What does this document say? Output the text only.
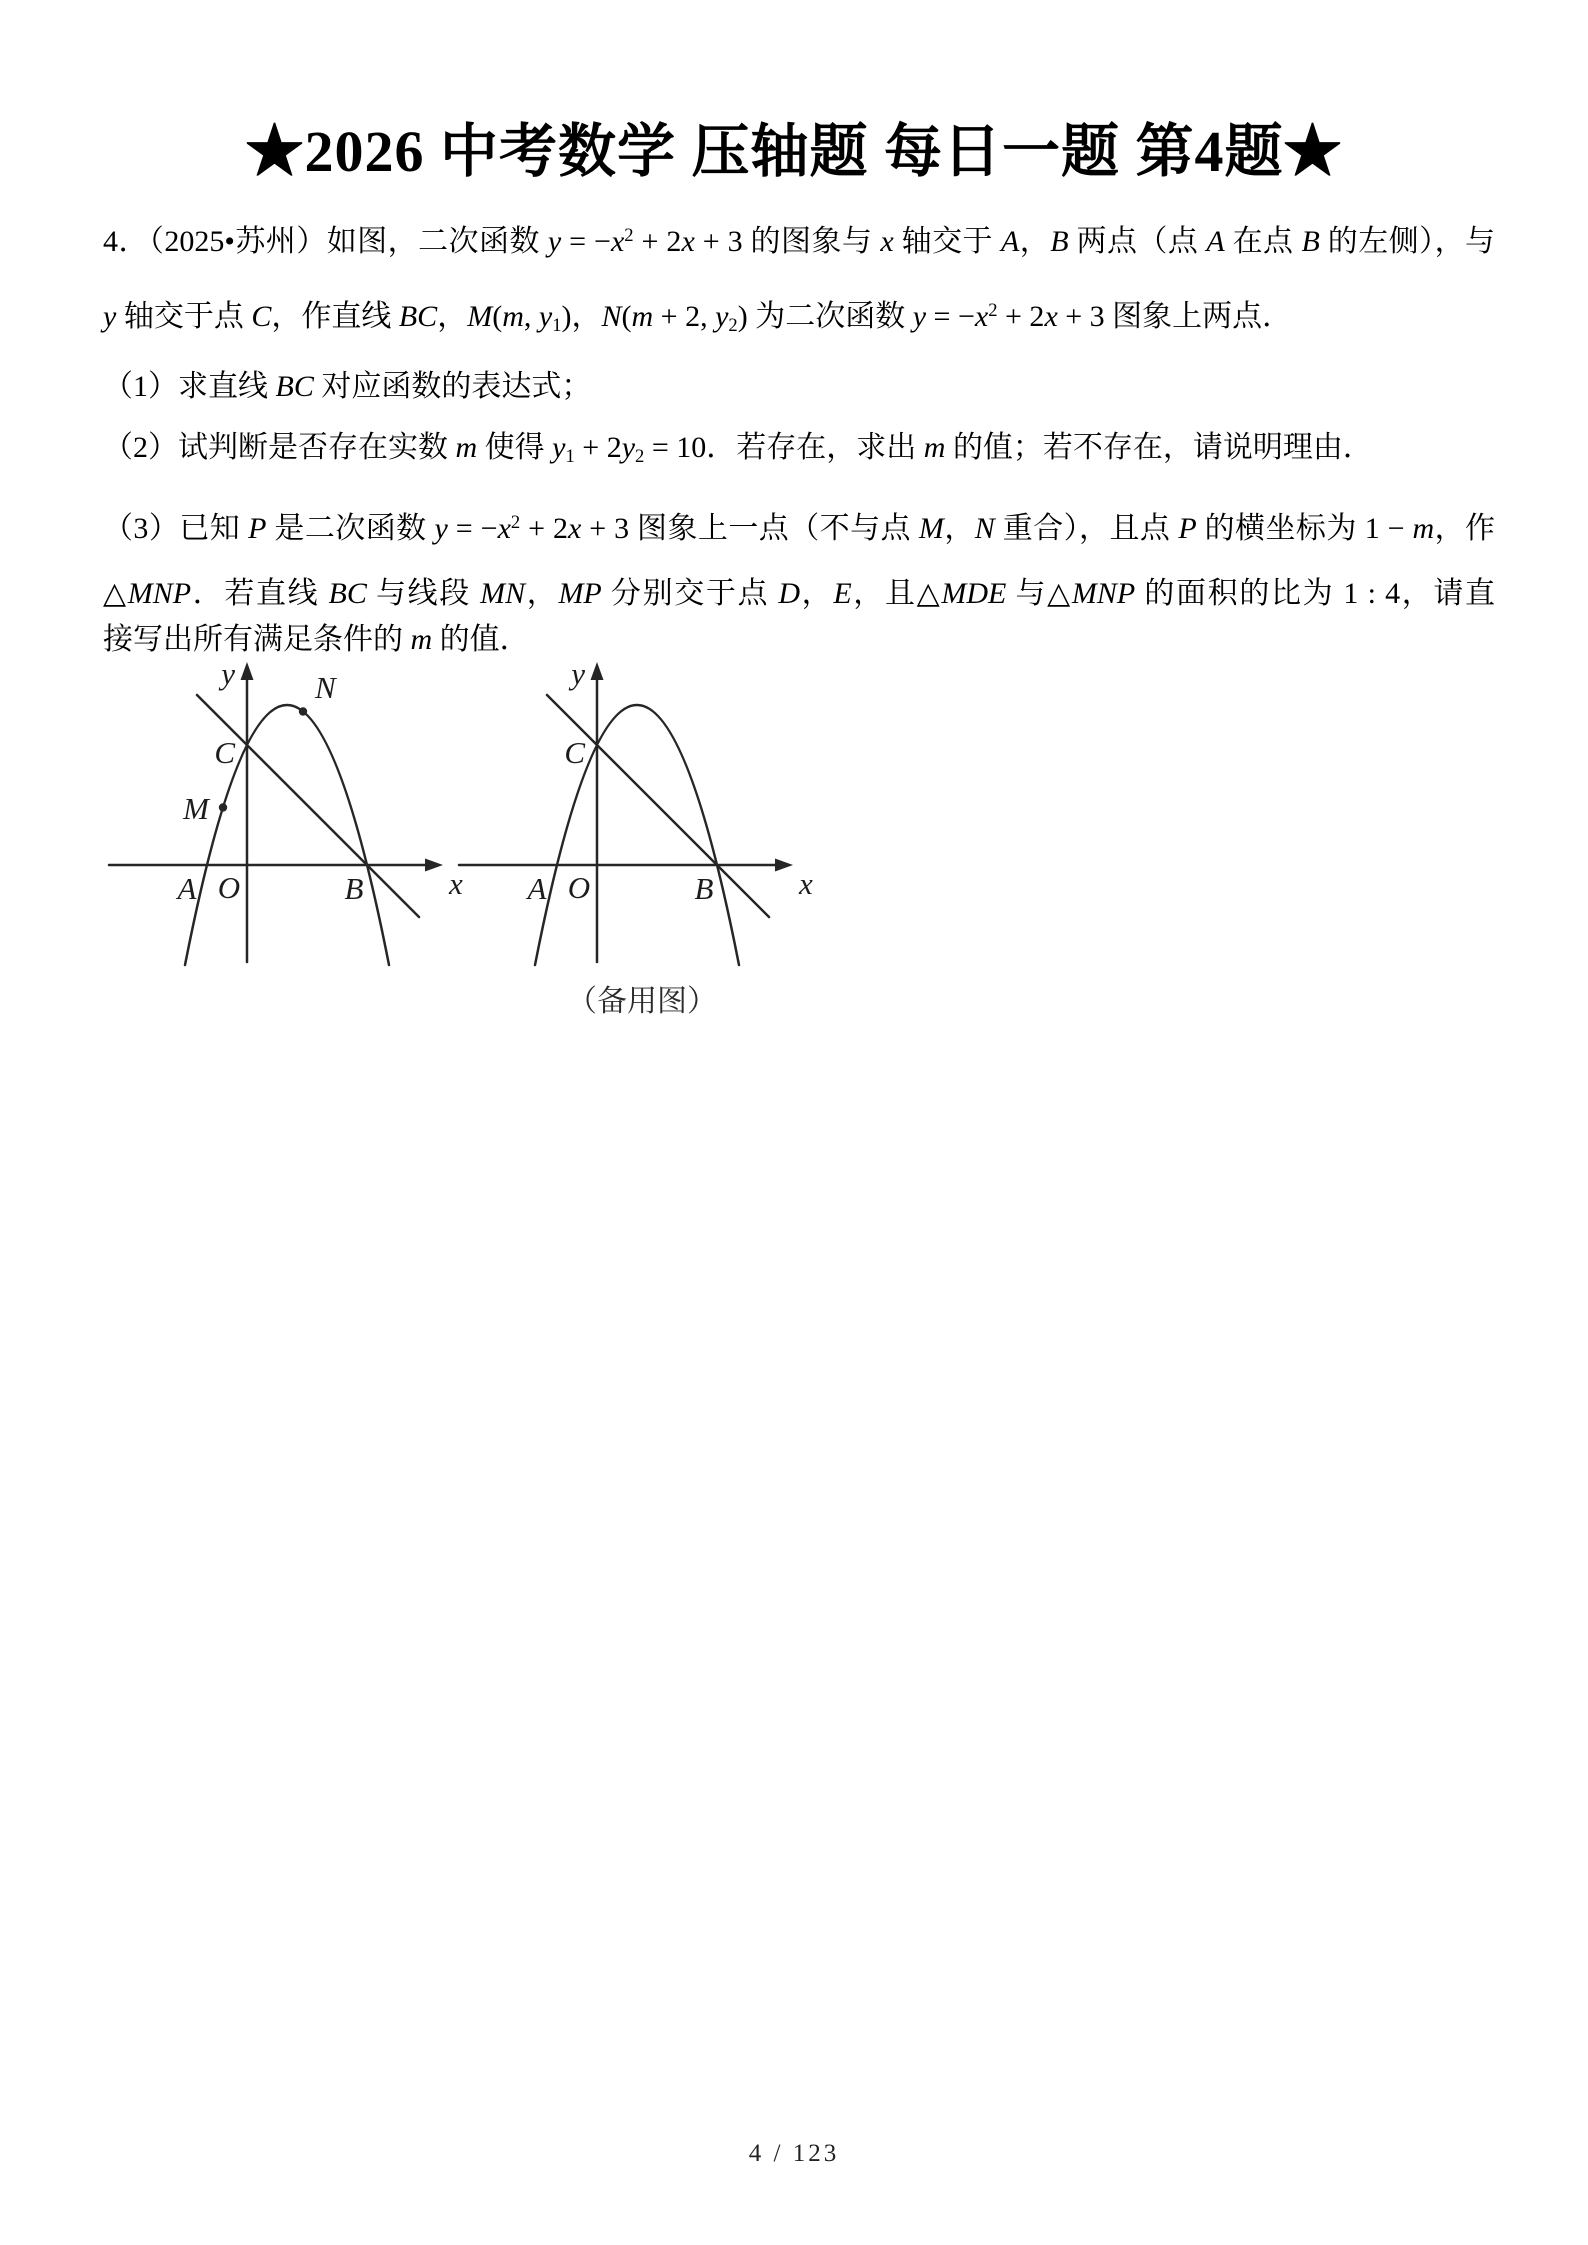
★2026 中考数学 压轴题 每日一题 第4题★
4．（2025•苏州）如图，二次函数 $y = -x^2 + 2x + 3$ 的图象与 x 轴交于 A，B 两点（点 A 在点 B 的左侧），与
y 轴交于点 C，作直线 BC，M(m, $y_1$)，N(m + 2, $y_2$) 为二次函数 $y = -x^2 + 2x + 3$ 图象上两点．
（1）求直线 BC 对应函数的表达式；
（2）试判断是否存在实数 m 使得 $y_1 + 2y_2 = 10$．若存在，求出 m 的值；若不存在，请说明理由．
（3）已知 P 是二次函数 $y = -x^2 + 2x + 3$ 图象上一点（不与点 M，N 重合），且点 P 的横坐标为 1 − m，作
△MNP．若直线 BC 与线段 MN，MP 分别交于点 D，E，且△MDE 与△MNP 的面积的比为 1 : 4，请直
接写出所有满足条件的 m 的值．
x
y
C
M
N
A O	B	x
y
C
A O	B
（备用图）
4 / 123
